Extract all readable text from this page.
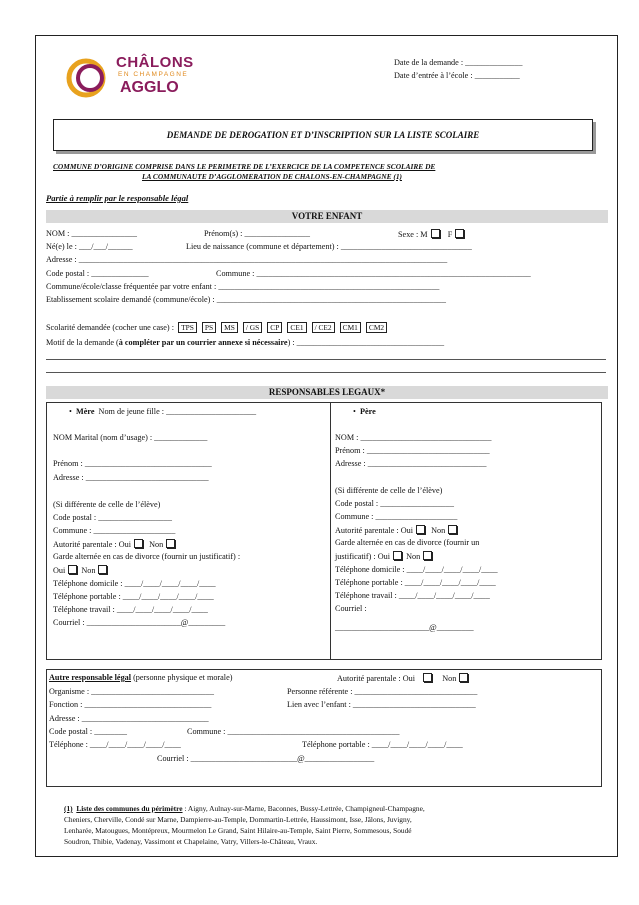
CHÂLONS
EN CHAMPAGNE
AGGLO
Date de la demande : ______________
Date d’entrée à l’école : ___________
DEMANDE DE DEROGATION ET D’INSCRIPTION SUR LA LISTE SCOLAIRE
COMMUNE D’ORIGINE COMPRISE DANS LE PERIMETRE DE L’EXERCICE DE LA COMPETENCE SCOLAIRE DE
LA COMMUNAUTE D’AGGLOMERATION DE CHALONS-EN-CHAMPAGNE (1)
Partie à remplir par le responsable légal
VOTRE ENFANT
NOM : ________________	Prénom(s) : ________________	Sexe : M F
Né(e) le : ___/___/______	Lieu de naissance (commune et département) : ________________________________
Adresse : __________________________________________________________________________________________
Code postal : ______________	Commune : ___________________________________________________________________
Commune/école/classe fréquentée par votre enfant : ______________________________________________________
Etablissement scolaire demandé (commune/école) : ________________________________________________________
Scolarité demandée (cocher une case) : TPS PS MS / GS CP CE1 / CE2 CM1 CM2
Motif de la demande (à compléter par un courrier annexe si nécessaire) : ____________________________________
RESPONSABLES LEGAUX*
•  Mère Nom de jeune fille : ______________________
NOM Marital (nom d’usage) : _____________
Prénom : _______________________________
Adresse : ______________________________
(Si différente de celle de l’élève)
Code postal : __________________
Commune : ____________________
Autorité parentale : Oui Non
Garde alternée en cas de divorce (fournir un justificatif) :
Oui Non
Téléphone domicile : ____/____/____/____/____
Téléphone portable : ____/____/____/____/____
Téléphone travail : ____/____/____/____/____
Courriel : _______________________@_________
•  Père
NOM : ________________________________
Prénom : ______________________________
Adresse : _____________________________
(Si différente de celle de l’élève)
Code postal : __________________
Commune : ____________________
Autorité parentale : Oui Non
Garde alternée en cas de divorce (fournir un
justificatif) : Oui Non
Téléphone domicile : ____/____/____/____/____
Téléphone portable : ____/____/____/____/____
Téléphone travail : ____/____/____/____/____
Courriel :
_______________________@_________
Autre responsable légal (personne physique et morale)	Autorité parentale : Oui	Non
Organisme : ______________________________	Personne référente : ______________________________
Fonction : _______________________________	Lien avec l’enfant : ______________________________
Adresse : _______________________________
Code postal : ________	Commune : __________________________________________
Téléphone : ____/____/____/____/____	Téléphone portable : ____/____/____/____/____
Courriel : __________________________@_________________
(1) Liste des communes du périmètre : Aigny, Aulnay-sur-Marne, Baconnes, Bussy-Lettrée, Champigneul-Champagne,
Cheniers, Cherville, Condé sur Marne, Dampierre-au-Temple, Dommartin-Lettrée, Haussimont, Isse, Jâlons, Juvigny,
Lenharée, Matougues, Montépreux, Mourmelon Le Grand, Saint Hilaire-au-Temple, Saint Pierre, Sommesous, Soudé
Soudron, Thibie, Vadenay, Vassimont et Chapelaine, Vatry, Villers-le-Château, Vraux.
